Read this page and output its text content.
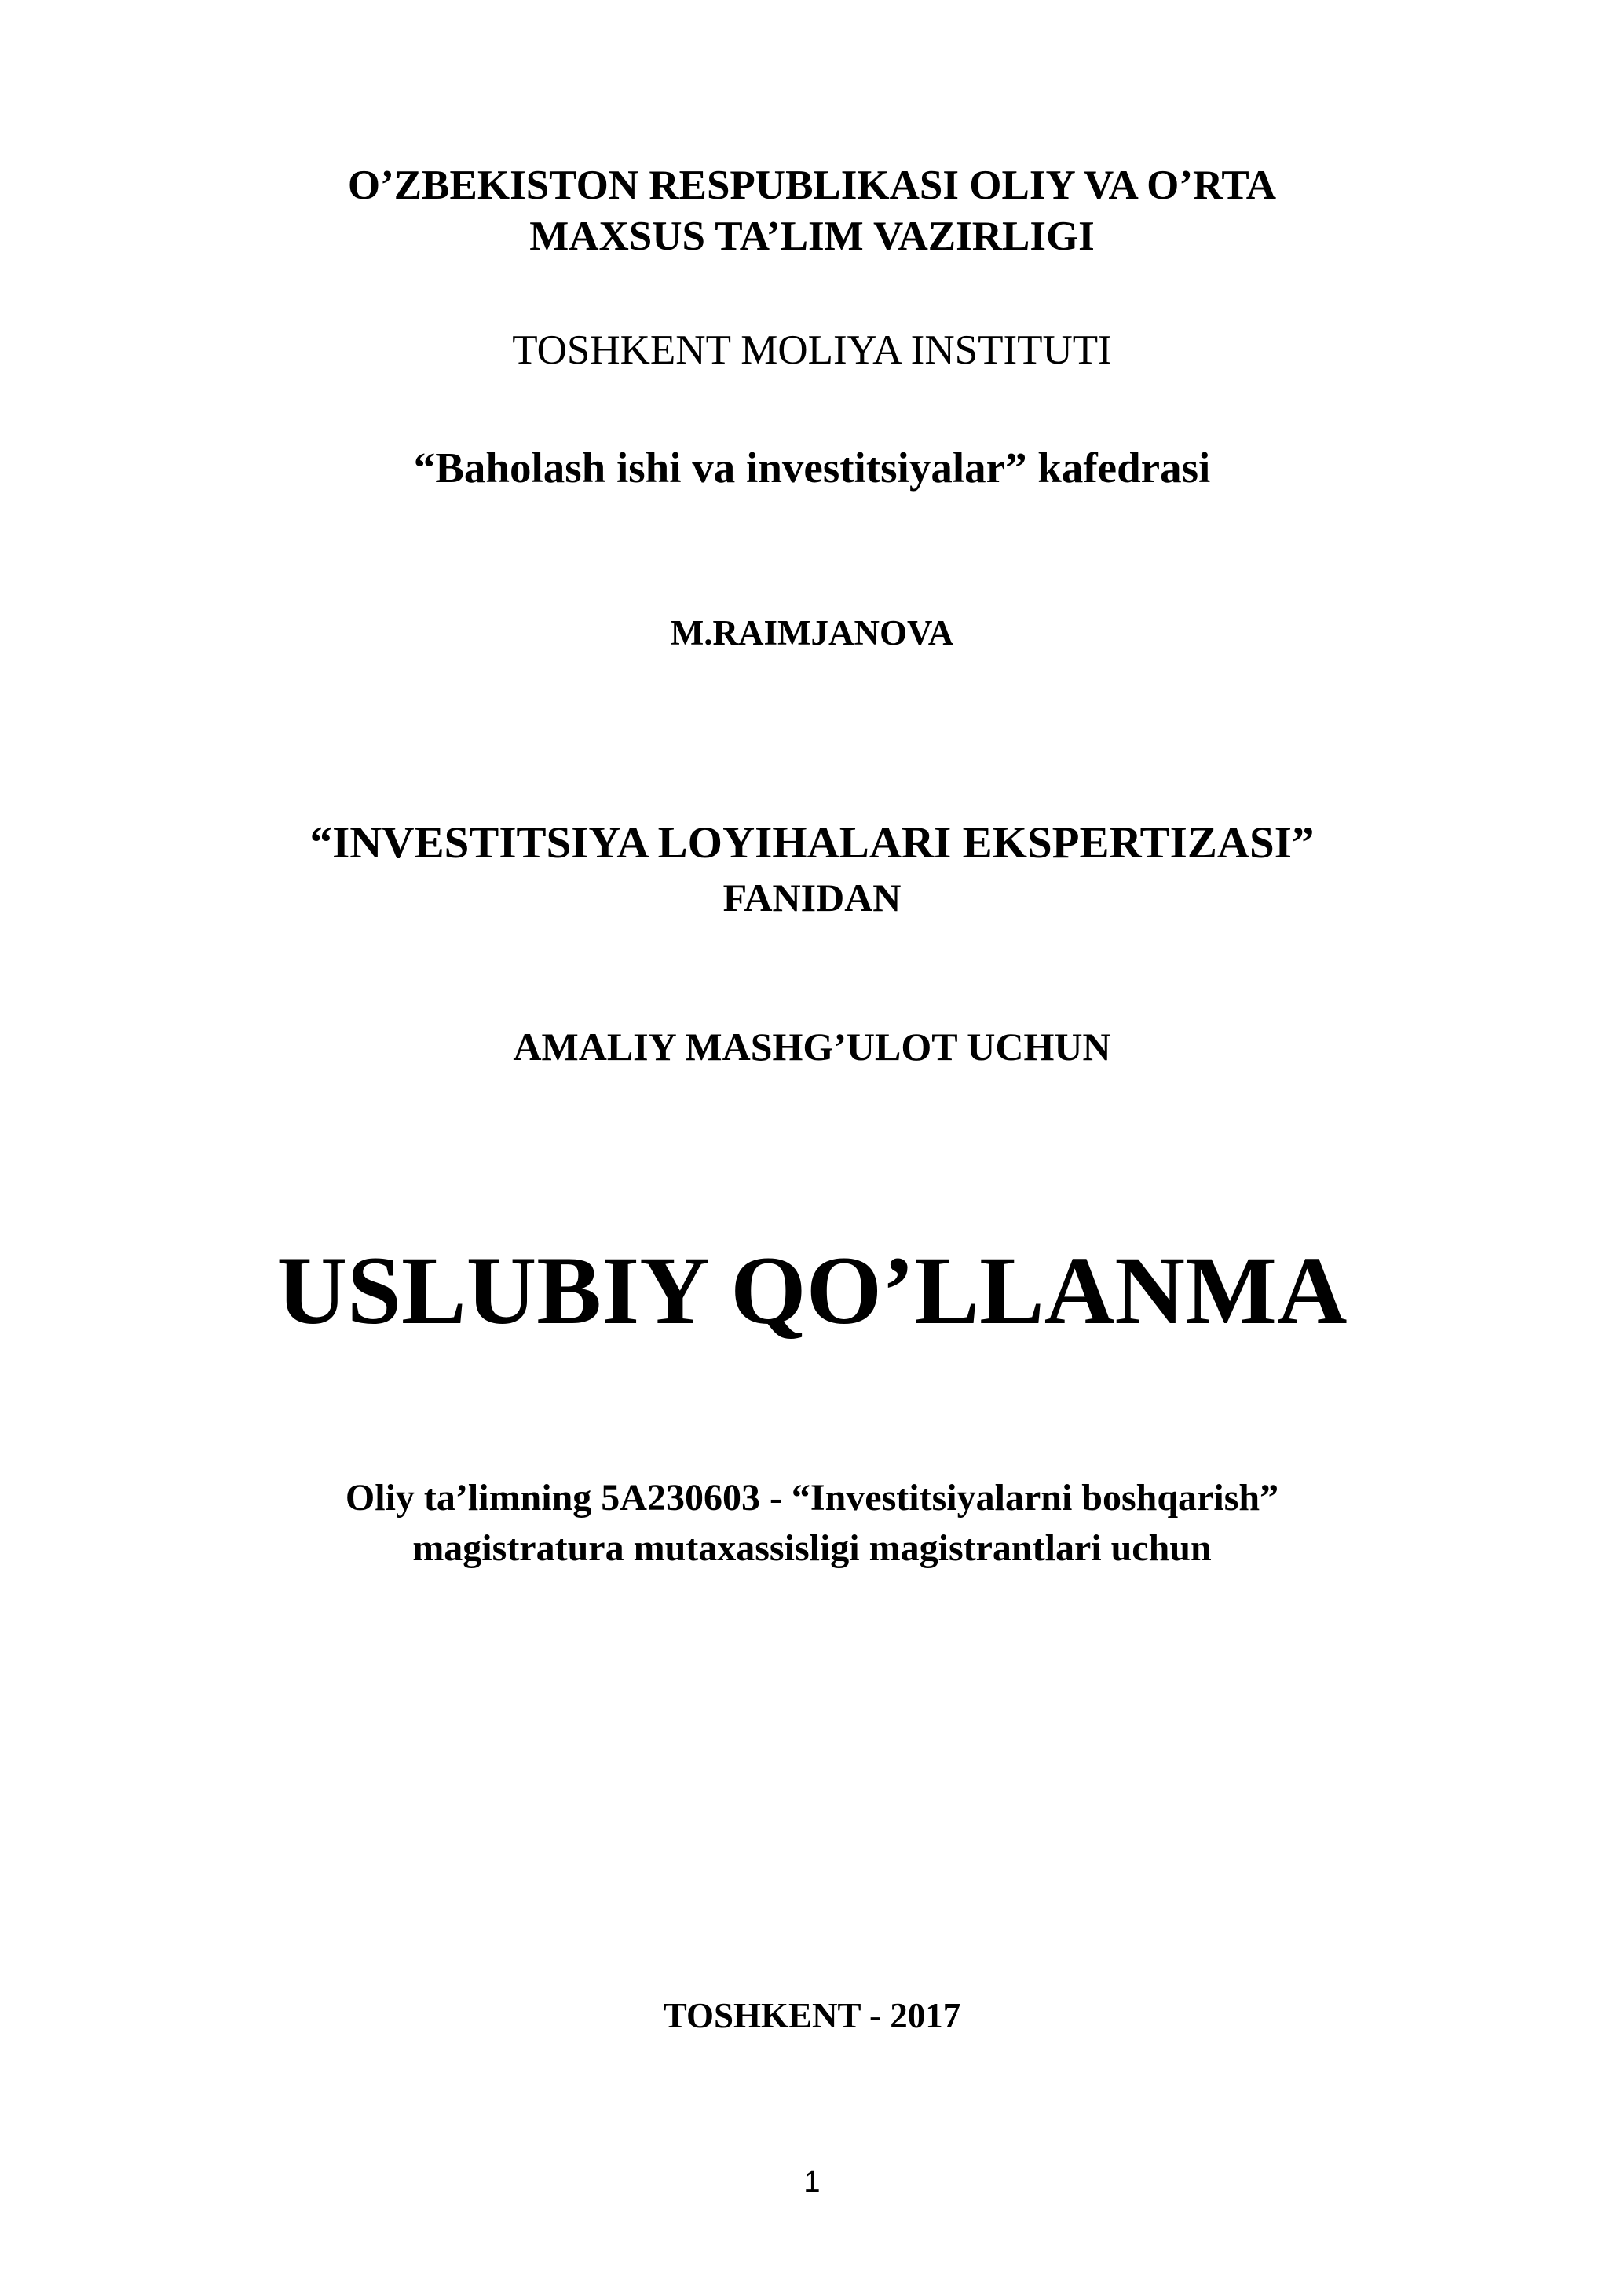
O’ZBEKISTON RESPUBLIKASI OLIY VA O’RTA
MAXSUS TA’LIM VAZIRLIGI
TOSHKENT MOLIYA INSTITUTI
“Baholash ishi va investitsiyalar” kafedrasi
M.RAIMJANOVA
“INVESTITSIYA LOYIHALARI EKSPERTIZASI”
FANIDAN
AMALIY MASHG’ULOT UCHUN
USLUBIY QO’LLANMA
Oliy ta’limning 5A230603 - “Investitsiyalarni boshqarish”
magistratura mutaxassisligi magistrantlari uchun
TOSHKENT - 2017
1
